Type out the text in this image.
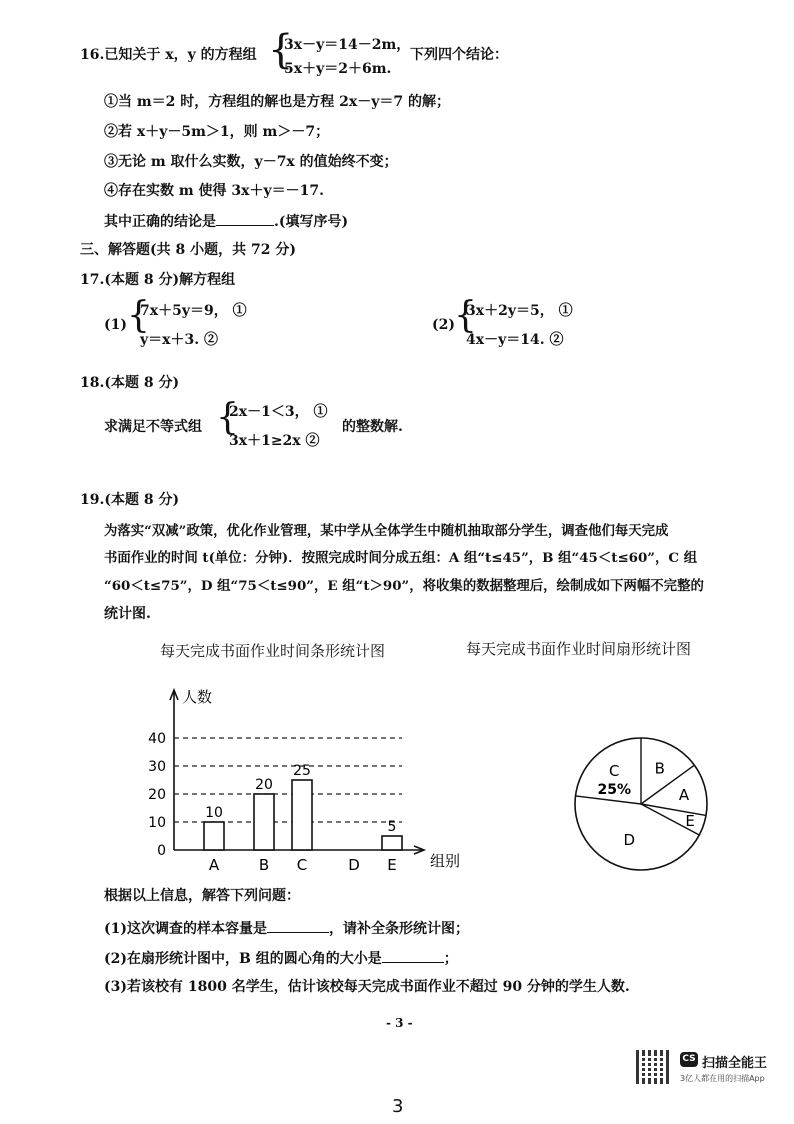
16.已知关于 x，y 的方程组 {
3x－y＝14－2m，
5x＋y＝2＋6m.
下列四个结论：
①当 m＝2 时，方程组的解也是方程 2x－y＝7 的解；
②若 x＋y－5m＞1，则 m＞－7；
③无论 m 取什么实数，y－7x 的值始终不变；
④存在实数 m 使得 3x＋y＝－17.
其中正确的结论是	.(填写序号)
三、解答题(共 8 小题，共 72 分)
17.(本题 8 分)解方程组
(1) {
7x＋5y＝9， ①
y＝x＋3. ②
(2) {
3x＋2y＝5， ①
4x－y＝14. ②
18.(本题 8 分)
求满足不等式组 {
2x－1＜3， ①
3x＋1≥2x ②
的整数解.
19.(本题 8 分)
为落实“双减”政策，优化作业管理，某中学从全体学生中随机抽取部分学生，调查他们每天完成
书面作业的时间 t(单位：分钟)．按照完成时间分成五组：A 组“t≤45”，B 组“45＜t≤60”，C 组
“60＜t≤75”，D 组“75＜t≤90”，E 组“t＞90”，将收集的数据整理后，绘制成如下两幅不完整的
统计图.
每天完成书面作业时间条形统计图
人数
组别
0
10
20
30
40
A
10
B
20
C
25
D E
5
每天完成书面作业时间扇形统计图
C
25%
B
A
E
D
根据以上信息，解答下列问题：
(1)这次调查的样本容量是	，请补全条形统计图；
(2)在扇形统计图中，B 组的圆心角的大小是	；
(3)若该校有 1800 名学生，估计该校每天完成书面作业不超过 90 分钟的学生人数.
- 3 -
CS 扫描全能王
3亿人都在用的扫描App
3
